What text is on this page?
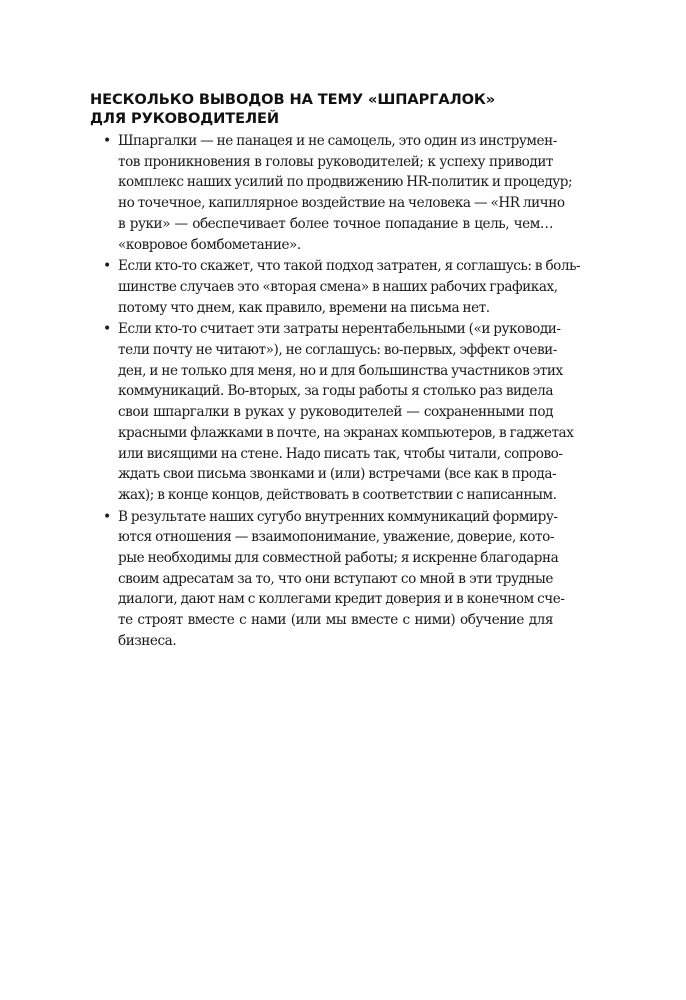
НЕСКОЛЬКО ВЫВОДОВ НА ТЕМУ «ШПАРГАЛОК»
ДЛЯ РУКОВОДИТЕЛЕЙ
• Шпаргалки — не панацея и не самоцель, это один из инструмен-
тов проникновения в головы руководителей; к успеху приводит
комплекс наших усилий по продвижению HR-политик и процедур;
но точечное, капиллярное воздействие на человека — «HR лично
в руки» — обеспечивает более точное попадание в цель, чем…
«ковровое бомбометание».
• Если кто-то скажет, что такой подход затратен, я соглашусь: в боль-
шинстве случаев это «вторая смена» в наших рабочих графиках,
потому что днем, как правило, времени на письма нет.
• Если кто-то считает эти затраты нерентабельными («и руководи-
тели почту не читают»), не соглашусь: во-первых, эффект очеви-
ден, и не только для меня, но и для большинства участников этих
коммуникаций. Во-вторых, за годы работы я столько раз видела
свои шпаргалки в руках у руководителей — сохраненными под
красными флажками в почте, на экранах компьютеров, в гаджетах
или висящими на стене. Надо писать так, чтобы читали, сопрово-
ждать свои письма звонками и (или) встречами (все как в прода-
жах); в конце концов, действовать в соответствии с написанным.
• В результате наших сугубо внутренних коммуникаций формиру-
ются отношения — взаимопонимание, уважение, доверие, кото-
рые необходимы для совместной работы; я искренне благодарна
своим адресатам за то, что они вступают со мной в эти трудные
диалоги, дают нам с коллегами кредит доверия и в конечном сче-
те строят вместе с нами (или мы вместе с ними) обучение для
бизнеса.
